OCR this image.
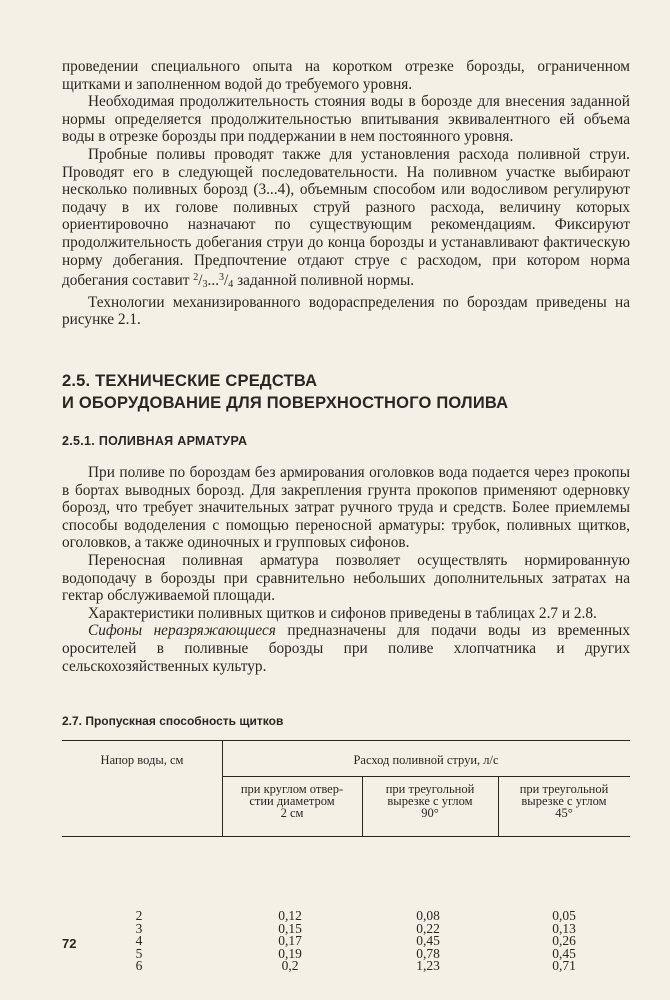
проведении специального опыта на коротком отрезке борозды, ограниченном щитками и заполненном водой до требуемого уровня.

Необходимая продолжительность стояния воды в борозде для внесения заданной нормы определяется продолжительностью впитывания эквивалентного ей объема воды в отрезке борозды при поддержании в нем постоянного уровня.

Пробные поливы проводят также для установления расхода поливной струи. Проводят его в следующей последовательности. На поливном участке выбирают несколько поливных борозд (3...4), объемным способом или водосливом регулируют подачу в их голове поливных струй разного расхода, величину которых ориентировочно назначают по существующим рекомендациям. Фиксируют продолжительность добегания струи до конца борозды и устанавливают фактическую норму добегания. Предпочтение отдают струе с расходом, при котором норма добегания составит $^2/_3...^3/_4$ заданной поливной нормы.

Технологии механизированного водораспределения по бороздам приведены на рисунке 2.1.

2.5. ТЕХНИЧЕСКИЕ СРЕДСТВА
И ОБОРУДОВАНИЕ ДЛЯ ПОВЕРХНОСТНОГО ПОЛИВА
2.5.1. ПОЛИВНАЯ АРМАТУРА

При поливе по бороздам без армирования оголовков вода подается через прокопы в бортах выводных борозд. Для закрепления грунта прокопов применяют одерновку борозд, что требует значительных затрат ручного труда и средств. Более приемлемы способы вододеления с помощью переносной арматуры: трубок, поливных щитков, оголовков, а также одиночных и групповых сифонов.

Переносная поливная арматура позволяет осуществлять нормированную водоподачу в борозды при сравнительно небольших дополнительных затратах на гектар обслуживаемой площади.

Характеристики поливных щитков и сифонов приведены в таблицах 2.7 и 2.8.

Сифоны неразряжающиеся предназначены для подачи воды из временных оросителей в поливные борозды при поливе хлопчатника и других сельскохозяйственных культур.

2.7. Пропускная способность щитков
Напор воды, см	Расход поливной струи, л/с
при круглом отвер-
стии диаметром
2 см
при треугольной
вырезке с углом
90°
при треугольной
вырезке с углом
45°
2
3
4
5
6
0,12
0,15
0,17
0,19
0,2
0,08
0,22
0,45
0,78
1,23
0,05
0,13
0,26
0,45
0,71
72
